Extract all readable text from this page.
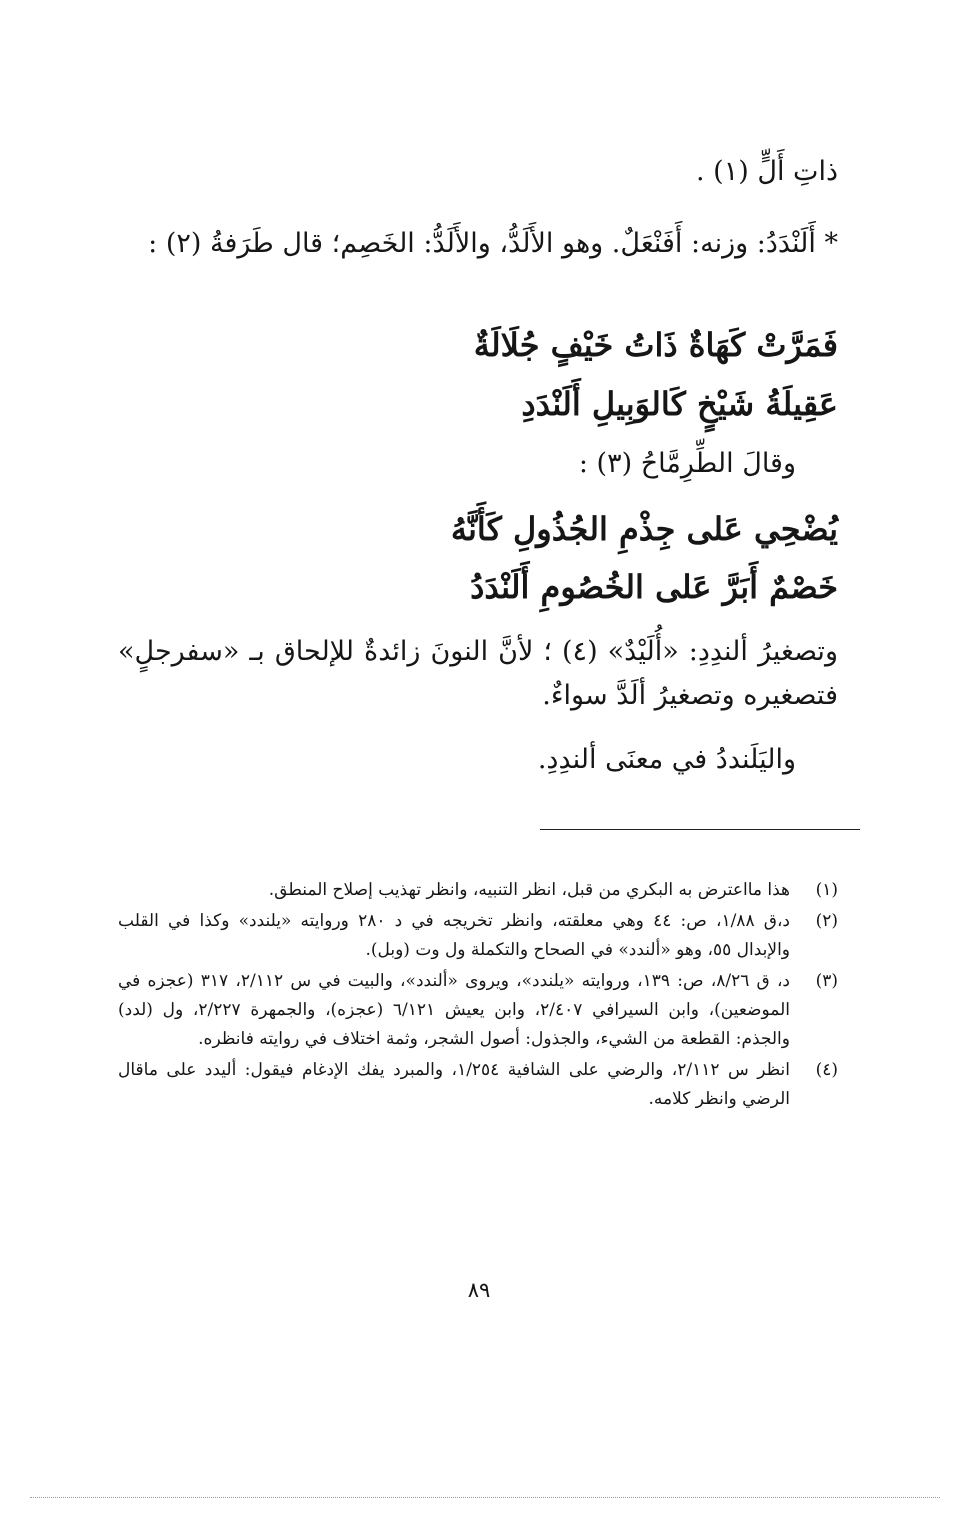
ذاتِ أَلٍّ (١) .
* أَلَنْدَدُ: وزنه: أَفَنْعَلٌ. وهو الأَلَدُّ، والأَلَدُّ: الخَصِم؛ قال طَرَفةُ (٢) :
فَمَرَّتْ كَهَاةٌ ذَاتُ خَيْفٍ جُلَالَةٌ
عَقِيلَةُ شَيْخٍ كَالوَبِيلِ أَلَنْدَدِ
وقالَ الطِّرِمَّاحُ (٣) :
يُضْحِي عَلى جِذْمِ الجُذُولِ كَأَنَّهُ
خَصْمٌ أَبَرَّ عَلى الخُصُومِ أَلَنْدَدُ
وتصغيرُ ألندِدِ: «أُلَيْدٌ» (٤) ؛ لأنَّ النونَ زائدةٌ للإلحاق بـ «سفرجلٍ» فتصغيره وتصغيرُ ألَدَّ سواءٌ.
واليَلَنددُ في معنَى ألندِدِ.
(١)
هذا مااعترض به البكري من قبل، انظر التنبيه، وانظر تهذيب إصلاح المنطق.
(٢)
د،ق ١/٨٨، ص: ٤٤ وهي معلقته، وانظر تخريجه في د ٢٨٠ وروايته «يلندد» وكذا في القلب والإبدال ٥٥، وهو «ألندد» في الصحاح والتكملة ول وت (وبل).
(٣)
د، ق ٨/٢٦، ص: ١٣٩، وروايته «يلندد»، ويروى «ألندد»، والبيت في س ٢/١١٢، ٣١٧ (عجزه في الموضعين)، وابن السيرافي ٢/٤٠٧، وابن يعيش ٦/١٢١ (عجزه)، والجمهرة ٢/٢٢٧، ول (لدد) والجذم: القطعة من الشيء، والجذول: أصول الشجر، وثمة اختلاف في روايته فانظره.
(٤)
انظر س ٢/١١٢، والرضي على الشافية ١/٢٥٤، والمبرد يفك الإدغام فيقول: أليدد على ماقال الرضي وانظر كلامه.
٨٩
